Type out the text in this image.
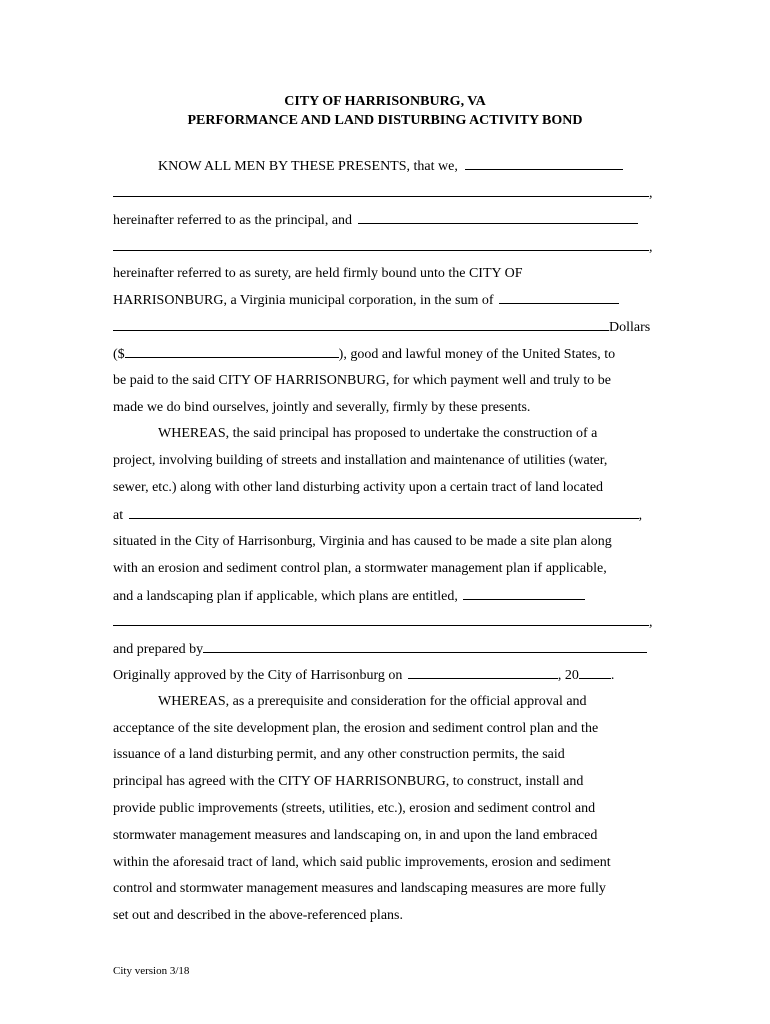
CITY OF HARRISONBURG, VA
PERFORMANCE AND LAND DISTURBING ACTIVITY BOND
KNOW ALL MEN BY THESE PRESENTS, that we,
,
hereinafter referred to as the principal, and
,
hereinafter referred to as surety, are held firmly bound unto the CITY OF
HARRISONBURG, a Virginia municipal corporation, in the sum of
Dollars
($	), good and lawful money of the United States, to
be paid to the said CITY OF HARRISONBURG, for which payment well and truly to be
made we do bind ourselves, jointly and severally, firmly by these presents.
WHEREAS, the said principal has proposed to undertake the construction of a
project, involving building of streets and installation and maintenance of utilities (water,
sewer, etc.) along with other land disturbing activity upon a certain tract of land located
at	,
situated in the City of Harrisonburg, Virginia and has caused to be made a site plan along
with an erosion and sediment control plan, a stormwater management plan if applicable,
and a landscaping plan if applicable, which plans are entitled,
,
and prepared by
Originally approved by the City of Harrisonburg on	, 20 .
WHEREAS, as a prerequisite and consideration for the official approval and
acceptance of the site development plan, the erosion and sediment control plan and the
issuance of a land disturbing permit, and any other construction permits, the said
principal has agreed with the CITY OF HARRISONBURG, to construct, install and
provide public improvements (streets, utilities, etc.), erosion and sediment control and
stormwater management measures and landscaping on, in and upon the land embraced
within the aforesaid tract of land, which said public improvements, erosion and sediment
control and stormwater management measures and landscaping measures are more fully
set out and described in the above-referenced plans.
City version 3/18
